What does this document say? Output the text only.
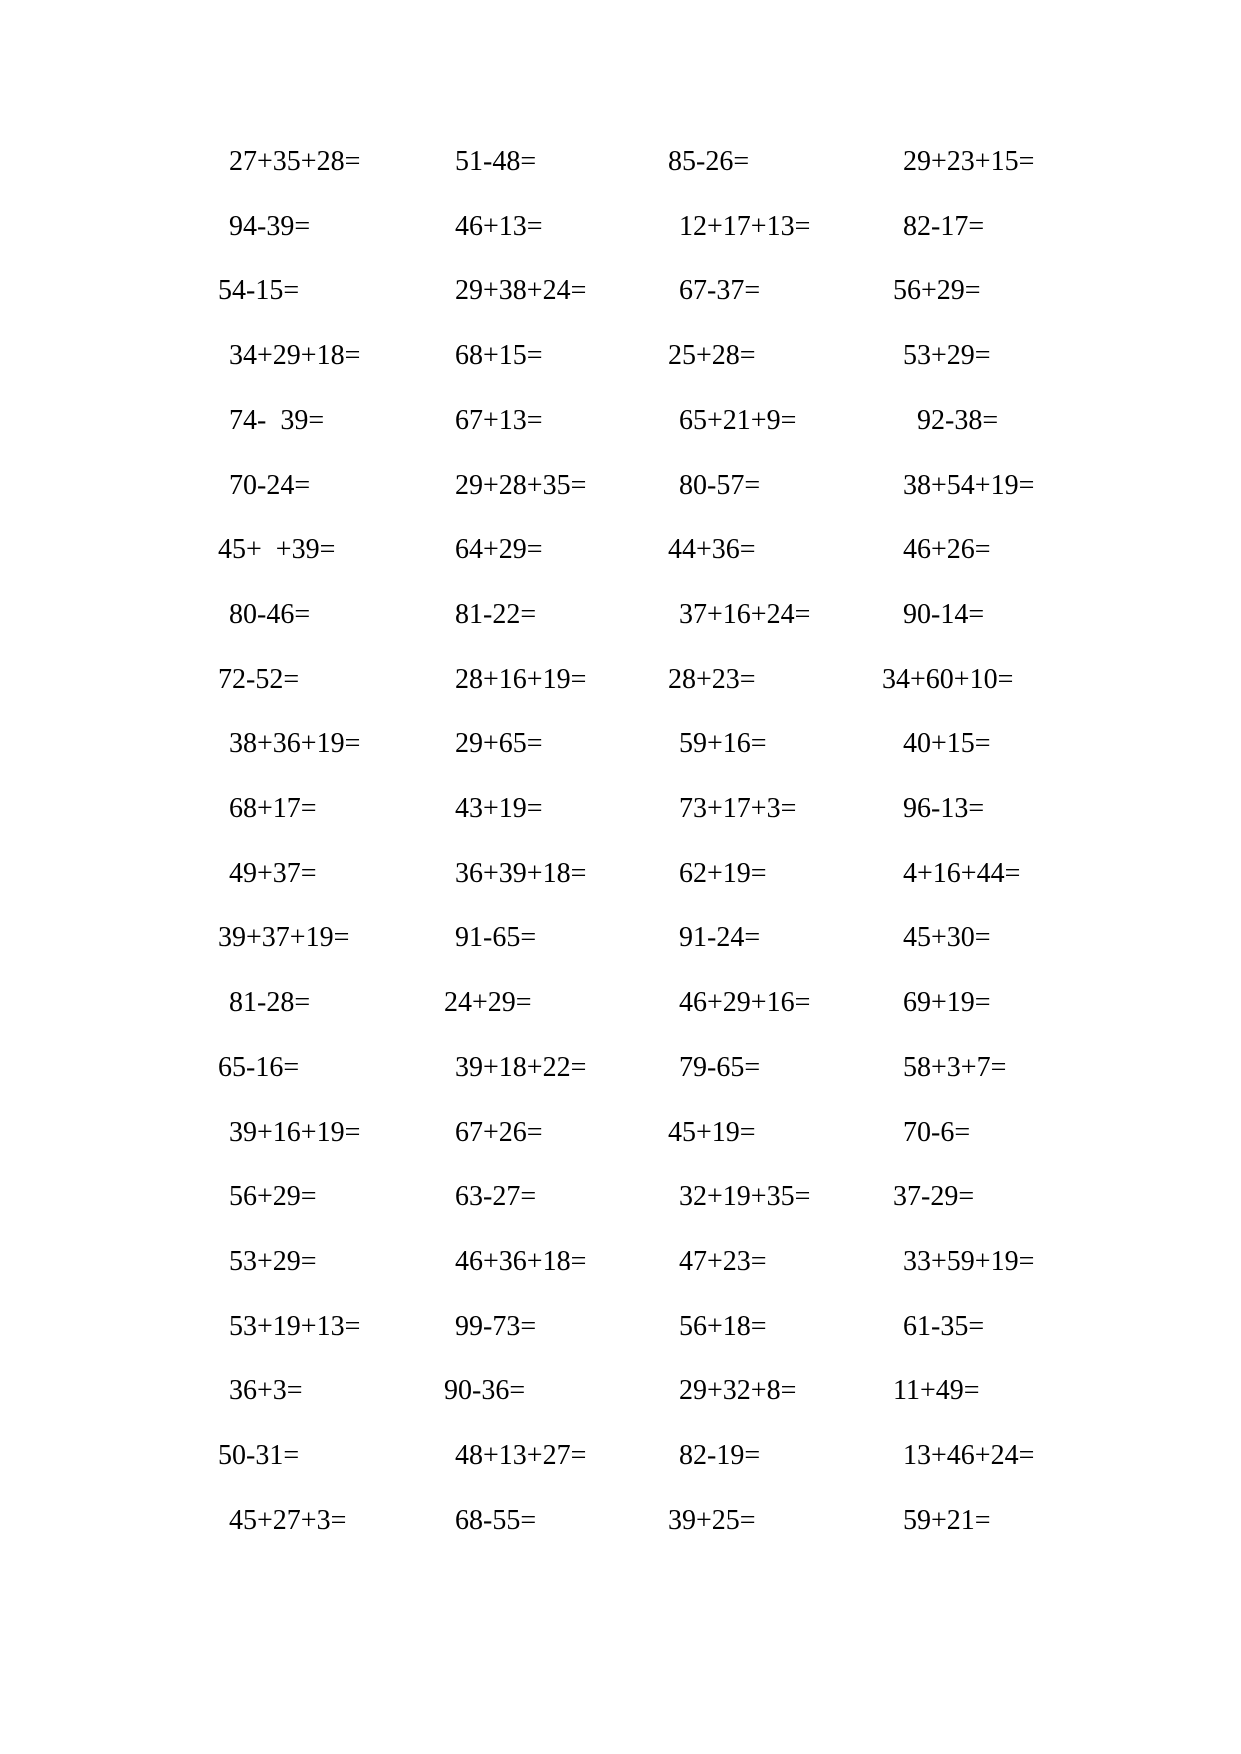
27+35+28=	51-48=	85-26=	29+23+15=
94-39=	46+13=	12+17+13=	82-17=
54-15=	29+38+24=	67-37=	56+29=
34+29+18=	68+15=	25+28=	53+29=
74-  39=	67+13=	65+21+9=	92-38=
70-24=	29+28+35=	80-57=	38+54+19=
45+  +39=	64+29=	44+36=	46+26=
80-46=	81-22=	37+16+24=	90-14=
72-52=	28+16+19=	28+23=	34+60+10=
38+36+19=	29+65=	59+16=	40+15=
68+17=	43+19=	73+17+3=	96-13=
49+37=	36+39+18=	62+19=	4+16+44=
39+37+19=	91-65=	91-24=	45+30=
81-28=	24+29=	46+29+16=	69+19=
65-16=	39+18+22=	79-65=	58+3+7=
39+16+19=	67+26=	45+19=	70-6=
56+29=	63-27=	32+19+35=	37-29=
53+29=	46+36+18=	47+23=	33+59+19=
53+19+13=	99-73=	56+18=	61-35=
36+3=	90-36=	29+32+8=	11+49=
50-31=	48+13+27=	82-19=	13+46+24=
45+27+3=	68-55=	39+25=	59+21=
